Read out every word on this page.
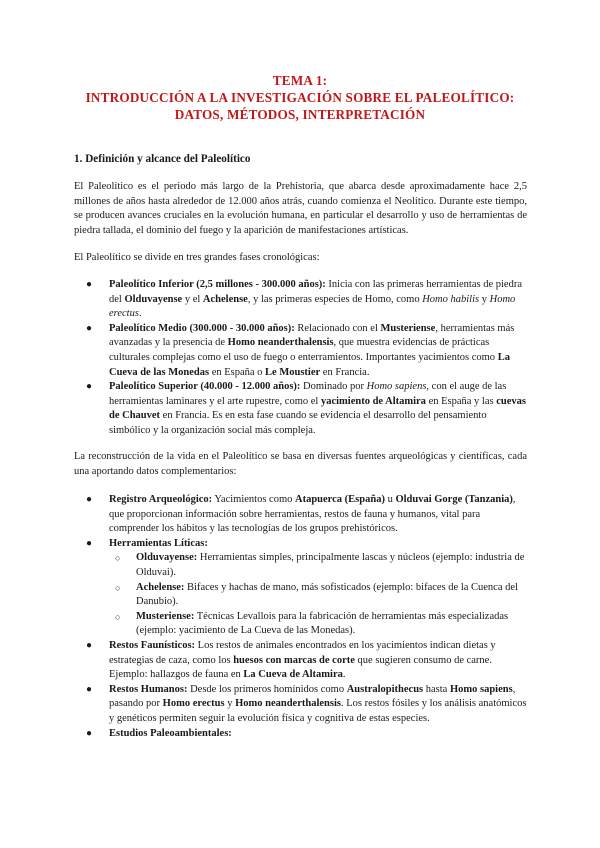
TEMA 1:
INTRODUCCIÓN A LA INVESTIGACIÓN SOBRE EL PALEOLÍTICO:
DATOS, MÉTODOS, INTERPRETACIÓN
1. Definición y alcance del Paleolítico
El Paleolítico es el periodo más largo de la Prehistoria, que abarca desde aproximadamente hace 2,5 millones de años hasta alrededor de 12.000 años atrás, cuando comienza el Neolítico. Durante este tiempo, se producen avances cruciales en la evolución humana, en particular el desarrollo y uso de herramientas de piedra tallada, el dominio del fuego y la aparición de manifestaciones artísticas.
El Paleolítico se divide en tres grandes fases cronológicas:
● Paleolítico Inferior (2,5 millones - 300.000 años): Inicia con las primeras herramientas de piedra del Olduvayense y el Achelense, y las primeras especies de Homo, como Homo habilis y Homo erectus.
● Paleolítico Medio (300.000 - 30.000 años): Relacionado con el Musteriense, herramientas más avanzadas y la presencia de Homo neanderthalensis, que muestra evidencias de prácticas culturales complejas como el uso de fuego o enterramientos. Importantes yacimientos como La Cueva de las Monedas en España o Le Moustier en Francia.
● Paleolítico Superior (40.000 - 12.000 años): Dominado por Homo sapiens, con el auge de las herramientas laminares y el arte rupestre, como el yacimiento de Altamira en España y las cuevas de Chauvet en Francia. Es en esta fase cuando se evidencia el desarrollo del pensamiento simbólico y la organización social más compleja.
La reconstrucción de la vida en el Paleolítico se basa en diversas fuentes arqueológicas y científicas, cada una aportando datos complementarios:
● Registro Arqueológico: Yacimientos como Atapuerca (España) u Olduvai Gorge (Tanzania), que proporcionan información sobre herramientas, restos de fauna y humanos, vital para comprender los hábitos y las tecnologías de los grupos prehistóricos.
● Herramientas Líticas:
○ Olduvayense: Herramientas simples, principalmente lascas y núcleos (ejemplo: industria de Olduvai).
○ Achelense: Bifaces y hachas de mano, más sofisticados (ejemplo: bifaces de la Cuenca del Danubio).
○ Musteriense: Técnicas Levallois para la fabricación de herramientas más especializadas (ejemplo: yacimiento de La Cueva de las Monedas).
● Restos Faunísticos: Los restos de animales encontrados en los yacimientos indican dietas y estrategias de caza, como los huesos con marcas de corte que sugieren consumo de carne. Ejemplo: hallazgos de fauna en La Cueva de Altamira.
● Restos Humanos: Desde los primeros homínidos como Australopithecus hasta Homo sapiens, pasando por Homo erectus y Homo neanderthalensis. Los restos fósiles y los análisis anatómicos y genéticos permiten seguir la evolución física y cognitiva de estas especies.
● Estudios Paleoambientales:
